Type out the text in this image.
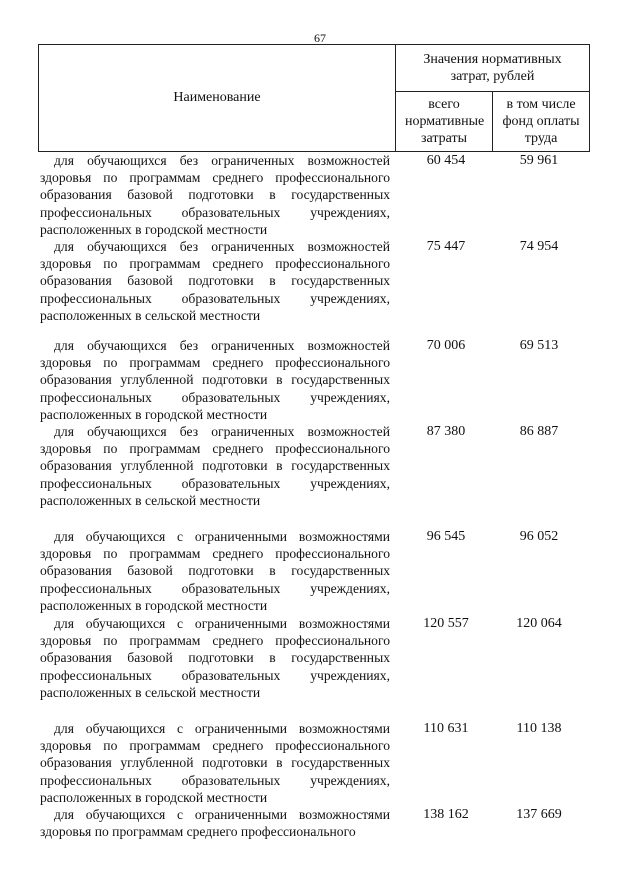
67
Наименование
Значения нормативных затрат, рублей
всего нормативные затраты
в том числе фонд оплаты труда

для обучающихся без ограниченных возможностей здоровья по программам среднего профессионального образования базовой подготовки в государственных профессиональных образовательных учреждениях, расположенных в городской местности

60 454	59 961

для обучающихся без ограниченных возможностей здоровья по программам среднего профессионального образования базовой подготовки в государственных профессиональных образовательных учреждениях, расположенных в сельской местности

75 447	74 954

для обучающихся без ограниченных возможностей здоровья по программам среднего профессионального образования углубленной подготовки в государственных профессиональных образовательных учреждениях, расположенных в городской местности

70 006	69 513

для обучающихся без ограниченных возможностей здоровья по программам среднего профессионального образования углубленной подготовки в государственных профессиональных образовательных учреждениях, расположенных в сельской местности

87 380	86 887

для обучающихся с ограниченными возможностями здоровья по программам среднего профессионального образования базовой подготовки в государственных профессиональных образовательных учреждениях, расположенных в городской местности

96 545	96 052

для обучающихся с ограниченными возможностями здоровья по программам среднего профессионального образования базовой подготовки в государственных профессиональных образовательных учреждениях, расположенных в сельской местности

120 557	120 064

для обучающихся с ограниченными возможностями здоровья по программам среднего профессионального образования углубленной подготовки в государственных профессиональных образовательных учреждениях, расположенных в городской местности

110 631	110 138

для обучающихся с ограниченными возможностями здоровья по программам среднего профессионального

138 162	137 669
